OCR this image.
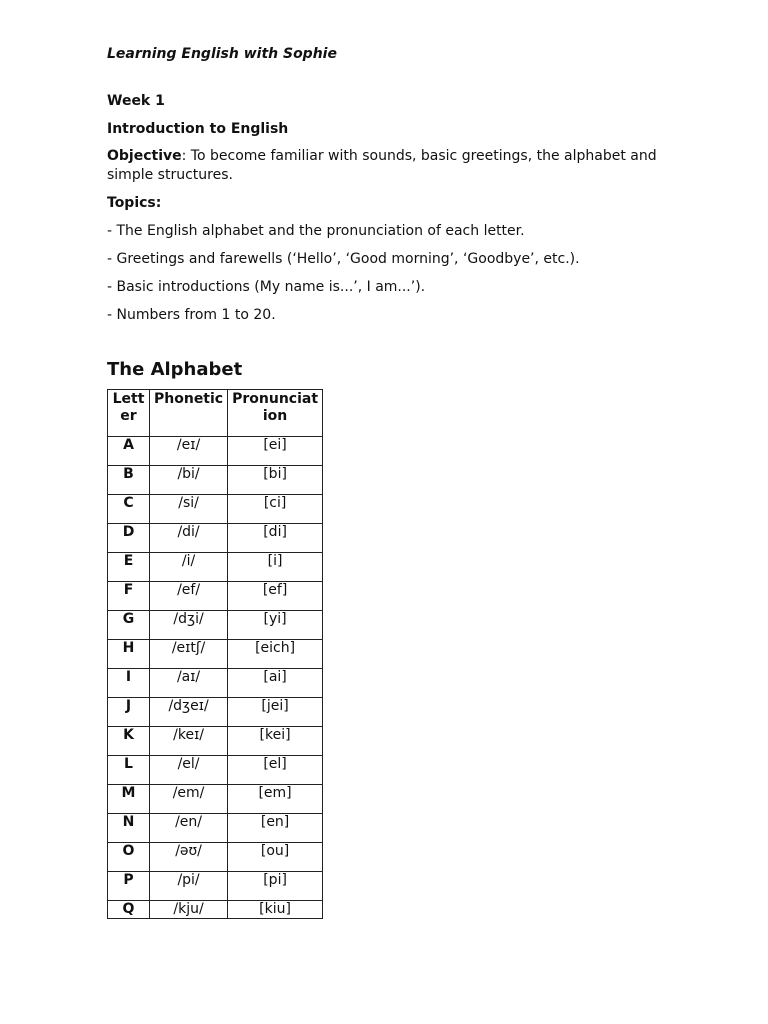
Learning English with Sophie

Week 1

Introduction to English

Objective: To become familiar with sounds, basic greetings, the alphabet and simple structures.

Topics:

- The English alphabet and the pronunciation of each letter.
- Greetings and farewells (‘Hello’, ‘Good morning’, ‘Goodbye’, etc.).
- Basic introductions (My name is...’, I am...’).
- Numbers from 1 to 20.
The Alphabet
Lett er	Phonetic	Pronunciat ion
A	/eɪ/	[ei]
B	/bi/	[bi]
C	/si/	[ci]
D	/di/	[di]
E	/i/	[i]
F	/ef/	[ef]
G	/dʒi/	[yi]
H	/eɪtʃ/	[eich]
I	/aɪ/	[ai]
J	/dʒeɪ/	[jei]
K	/keɪ/	[kei]
L	/el/	[el]
M	/em/	[em]
N	/en/	[en]
O	/əʊ/	[ou]
P	/pi/	[pi]
Q	/kju/	[kiu]
